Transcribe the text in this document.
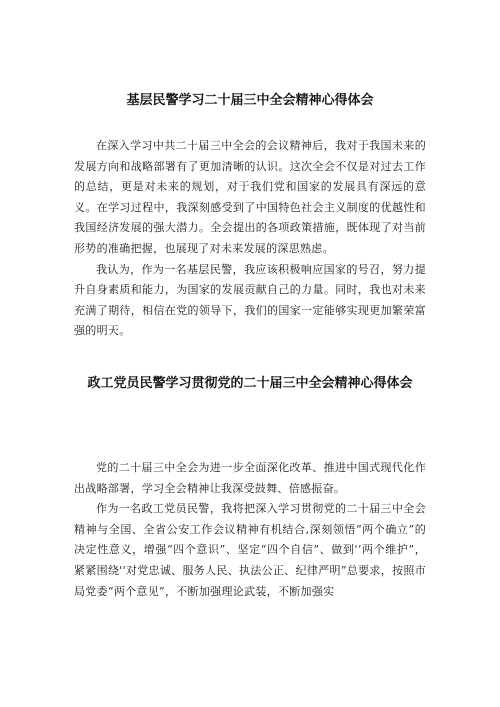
基层民警学习二十届三中全会精神心得体会

在深入学习中共二十届三中全会的会议精神后，我对于我国未来的发展方向和战略部署有了更加清晰的认识。这次全会不仅是对过去工作的总结，更是对未来的规划，对于我们党和国家的发展具有深远的意义。在学习过程中，我深刻感受到了中国特色社会主义制度的优越性和我国经济发展的强大潜力。全会提出的各项政策措施，既体现了对当前形势的准确把握，也展现了对未来发展的深思熟虑。

我认为，作为一名基层民警，我应该积极响应国家的号召，努力提升自身素质和能力，为国家的发展贡献自己的力量。同时，我也对未来充满了期待，相信在党的领导下，我们的国家一定能够实现更加繁荣富强的明天。

政工党员民警学习贯彻党的二十届三中全会精神心得体会

党的二十届三中全会为进一步全面深化改革、推进中国式现代化作出战略部署，学习全会精神让我深受鼓舞、倍感振奋。

作为一名政工党员民警，我将把深入学习贯彻党的二十届三中全会精神与全国、全省公安工作会议精神有机结合,深刻领悟“两个确立”的决定性意义，增强“四个意识”、坚定“四个自信”、做到'‘两个维护”，紧紧围绕''对党忠诚、服务人民、执法公正、纪律严明”总要求，按照市局党委“两个意见”，不断加强理论武装，不断加强实
